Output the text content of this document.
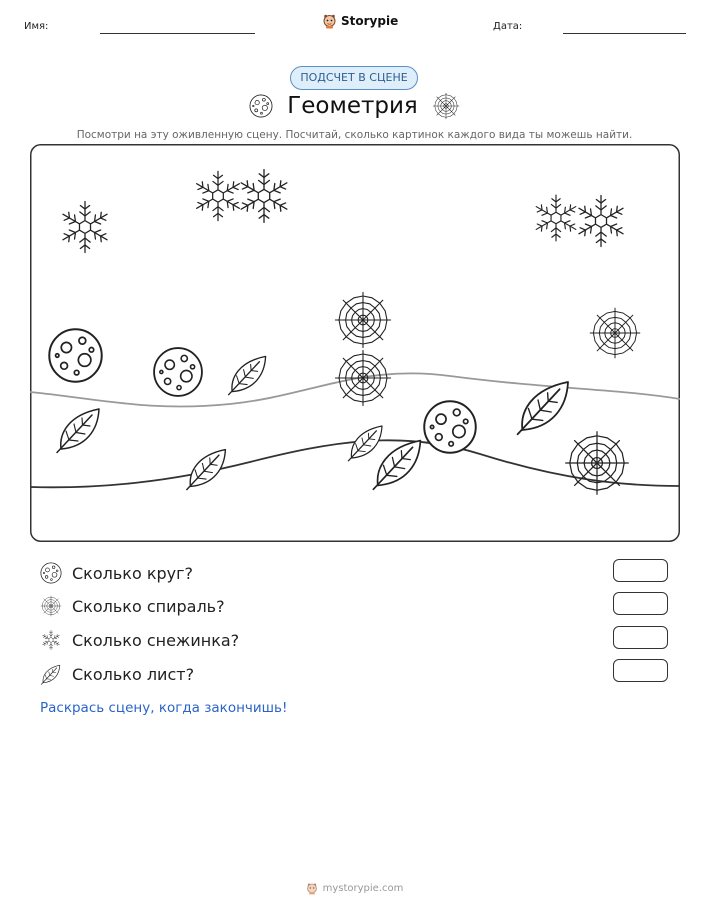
Имя:	Storypie	Дата:
ПОДСЧЕТ В СЦЕНЕ
Геометрия
Посмотри на эту оживленную сцену. Посчитай, сколько картинок каждого вида ты можешь найти.
Сколько круг?
Сколько спираль?
Сколько снежинка?
Сколько лист?
Раскрась сцену, когда закончишь!
mystorypie.com
